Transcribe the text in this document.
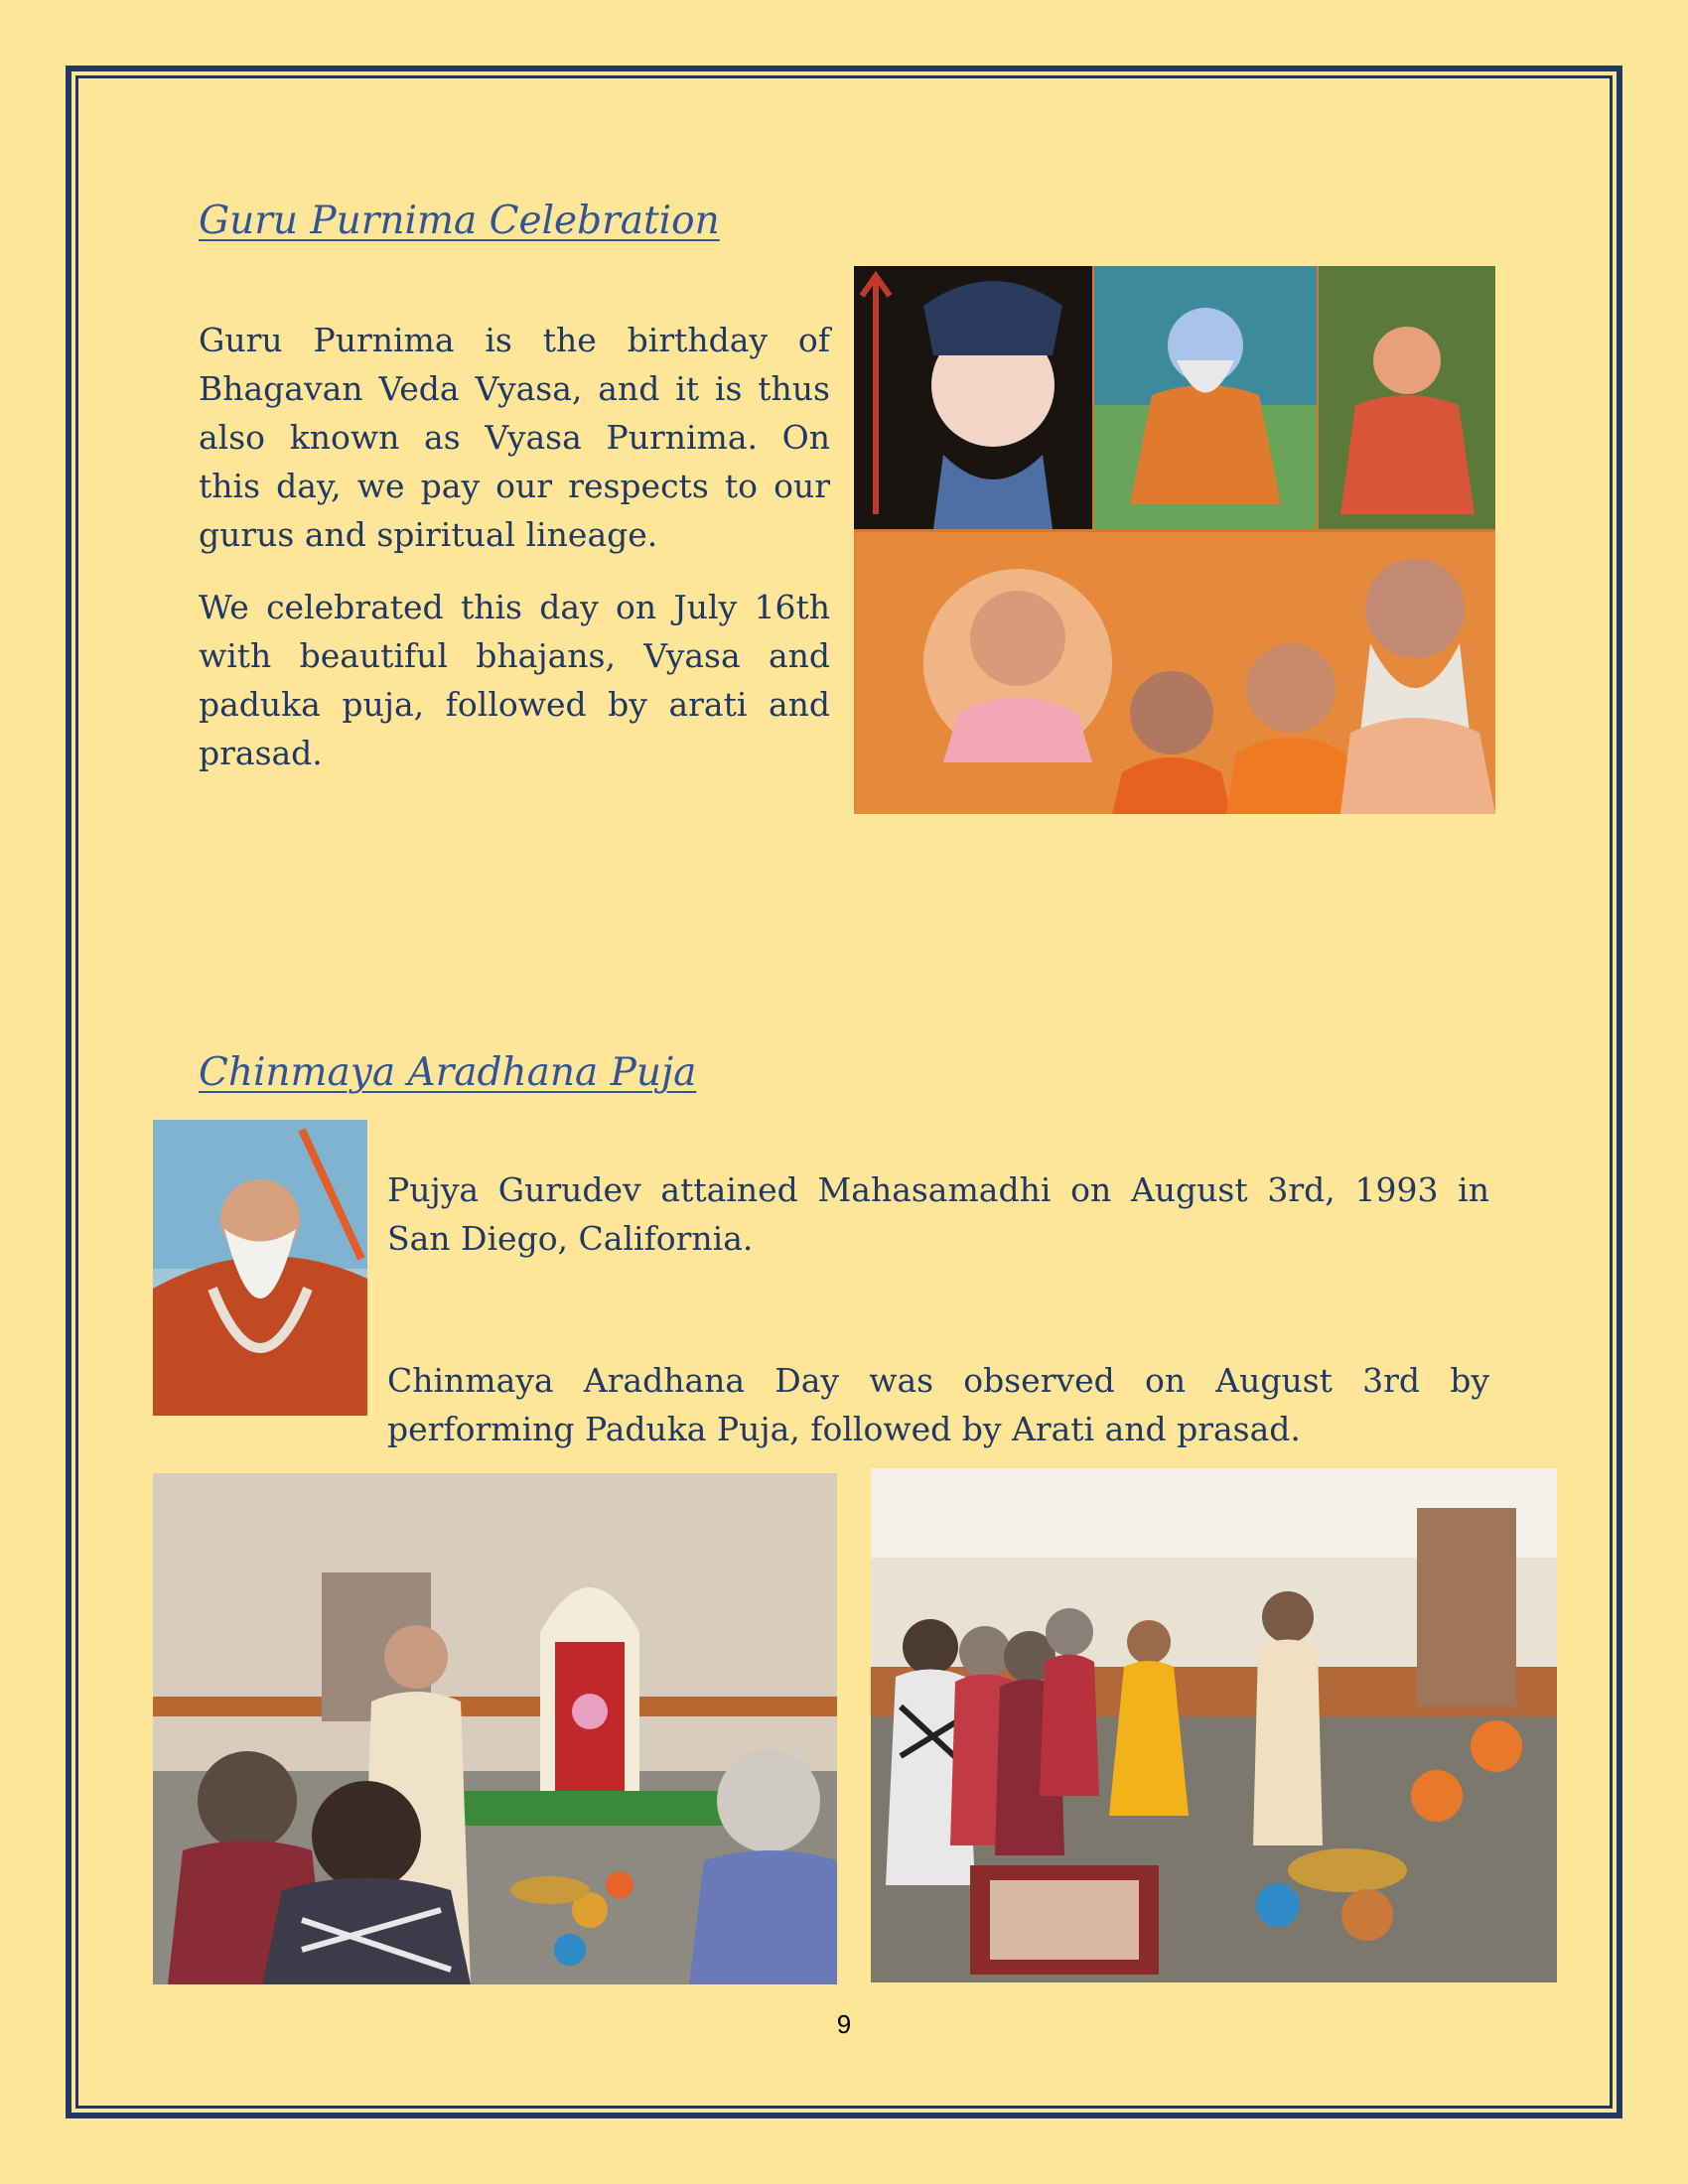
Guru Purnima Celebration

Guru Purnima is the birthday of Bhagavan Veda Vyasa, and it is thus also known as Vyasa Purnima. On this day, we pay our respects to our gurus and spiritual lineage.

We celebrated this day on July 16th with beautiful bhajans, Vyasa and paduka puja, followed by arati and prasad.

Chinmaya Aradhana Puja

Pujya Gurudev attained Mahasamadhi on August 3rd, 1993 in San Diego, California.

Chinmaya Aradhana Day was observed on August 3rd by performing Paduka Puja, followed by Arati and prasad.

9
